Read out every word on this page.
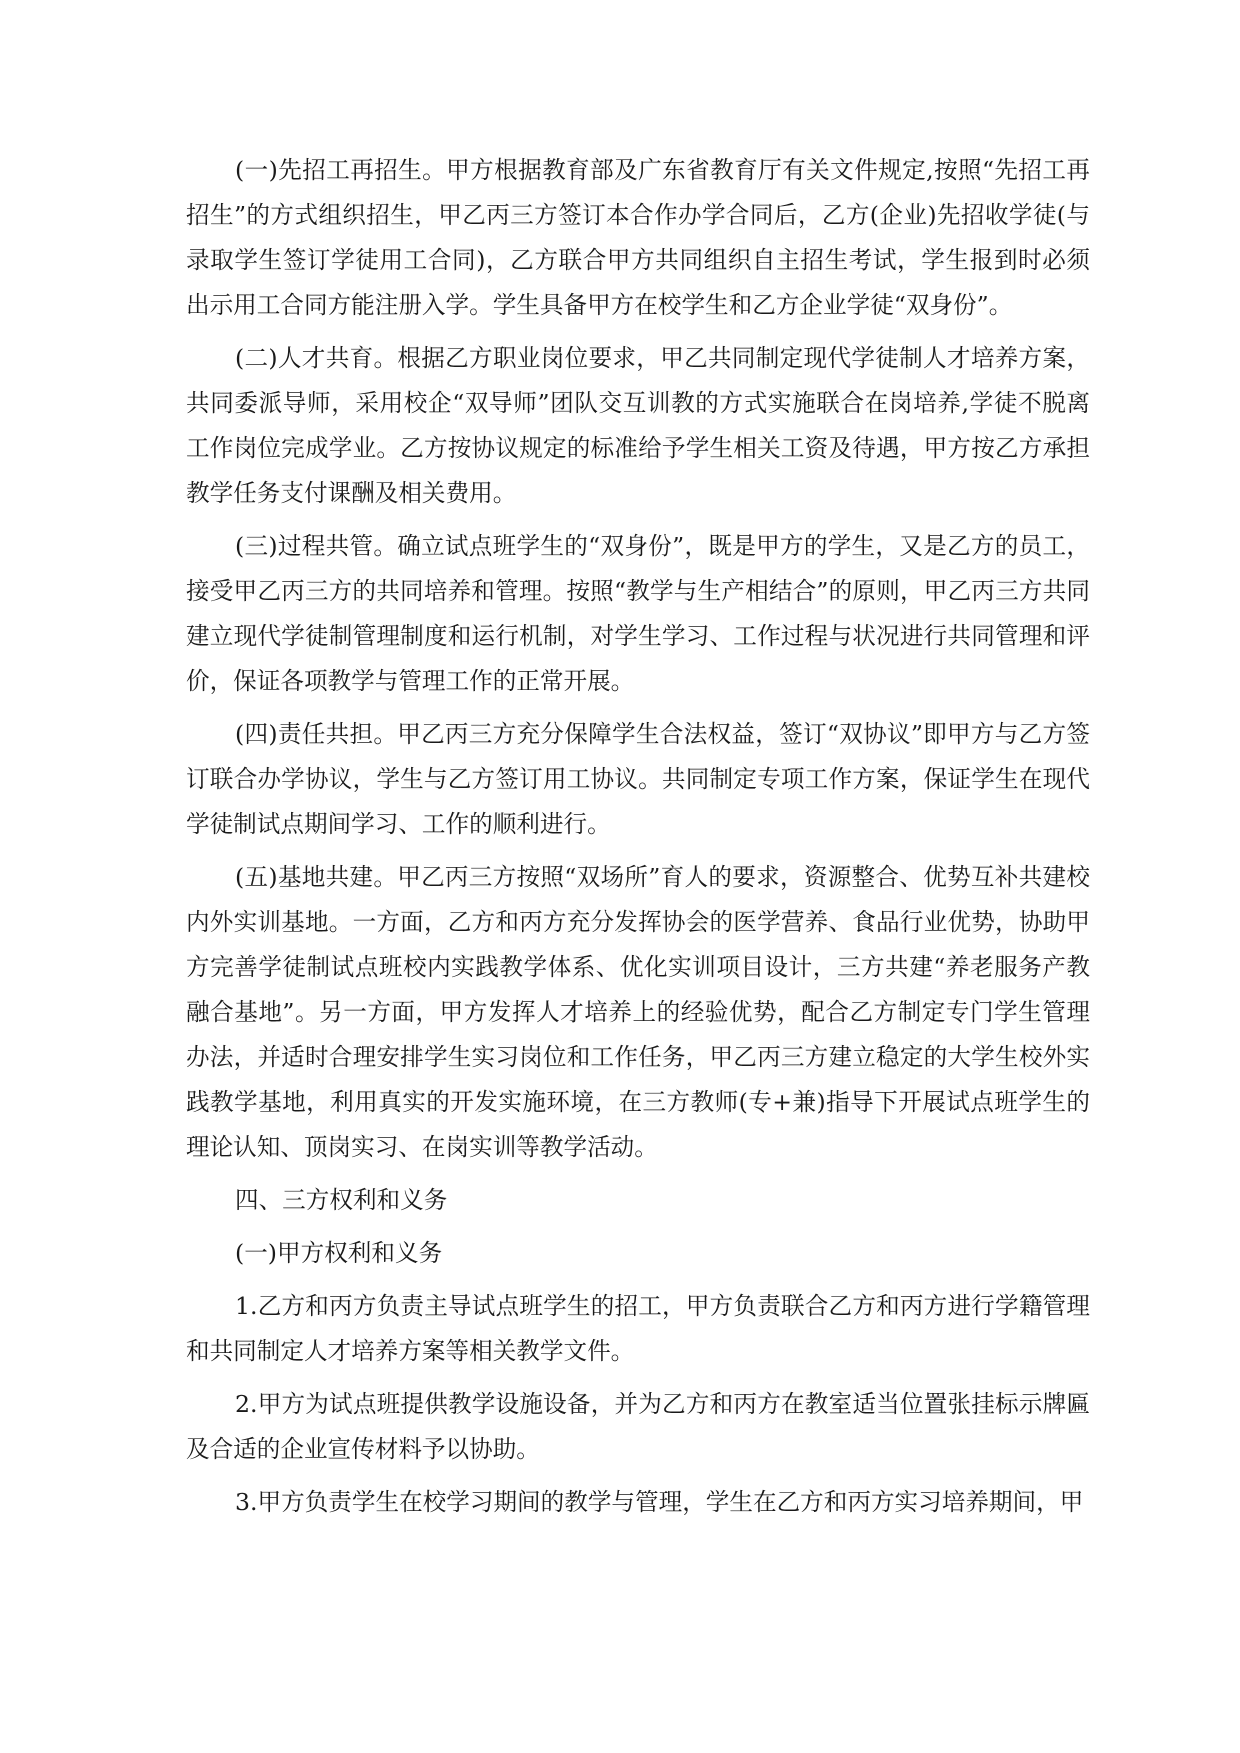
(一)先招工再招生。甲方根据教育部及广东省教育厅有关文件规定,按照“先招工再招生”的方式组织招生，甲乙丙三方签订本合作办学合同后，乙方(企业)先招收学徒(与录取学生签订学徒用工合同)，乙方联合甲方共同组织自主招生考试，学生报到时必须出示用工合同方能注册入学。学生具备甲方在校学生和乙方企业学徒“双身份”。

(二)人才共育。根据乙方职业岗位要求，甲乙共同制定现代学徒制人才培养方案，共同委派导师，采用校企“双导师”团队交互训教的方式实施联合在岗培养,学徒不脱离工作岗位完成学业。乙方按协议规定的标准给予学生相关工资及待遇，甲方按乙方承担教学任务支付课酬及相关费用。

(三)过程共管。确立试点班学生的“双身份”，既是甲方的学生，又是乙方的员工，接受甲乙丙三方的共同培养和管理。按照“教学与生产相结合”的原则，甲乙丙三方共同建立现代学徒制管理制度和运行机制，对学生学习、工作过程与状况进行共同管理和评价，保证各项教学与管理工作的正常开展。

(四)责任共担。甲乙丙三方充分保障学生合法权益，签订“双协议”即甲方与乙方签订联合办学协议，学生与乙方签订用工协议。共同制定专项工作方案，保证学生在现代学徒制试点期间学习、工作的顺利进行。

(五)基地共建。甲乙丙三方按照“双场所”育人的要求，资源整合、优势互补共建校内外实训基地。一方面，乙方和丙方充分发挥协会的医学营养、食品行业优势，协助甲方完善学徒制试点班校内实践教学体系、优化实训项目设计，三方共建“养老服务产教融合基地”。另一方面，甲方发挥人才培养上的经验优势，配合乙方制定专门学生管理办法，并适时合理安排学生实习岗位和工作任务，甲乙丙三方建立稳定的大学生校外实践教学基地，利用真实的开发实施环境，在三方教师(专+兼)指导下开展试点班学生的理论认知、顶岗实习、在岗实训等教学活动。

四、三方权利和义务

(一)甲方权利和义务

1.乙方和丙方负责主导试点班学生的招工，甲方负责联合乙方和丙方进行学籍管理和共同制定人才培养方案等相关教学文件。

2.甲方为试点班提供教学设施设备，并为乙方和丙方在教室适当位置张挂标示牌匾及合适的企业宣传材料予以协助。

3.甲方负责学生在校学习期间的教学与管理，学生在乙方和丙方实习培养期间，甲
